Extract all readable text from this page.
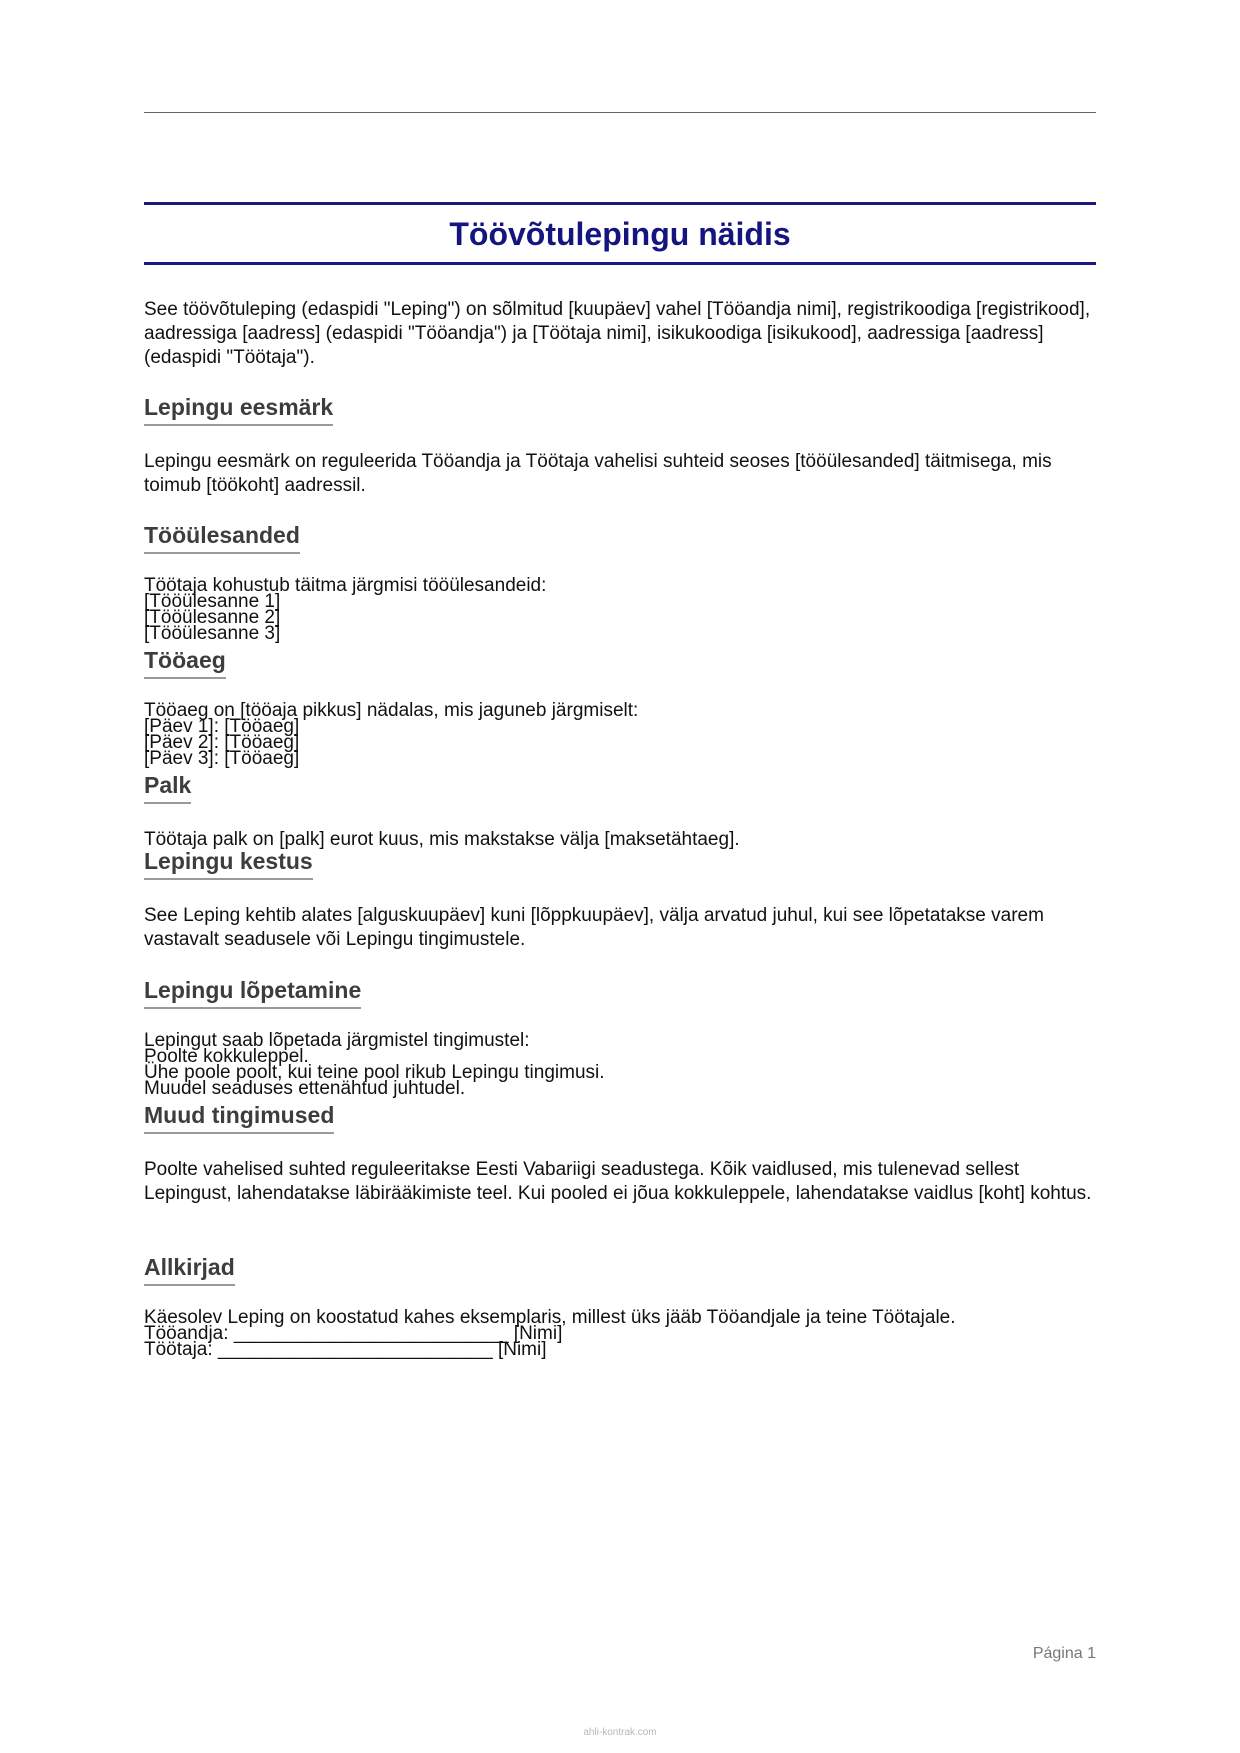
Töövõtulepingu näidis

See töövõtuleping (edaspidi "Leping") on sõlmitud [kuupäev] vahel [Tööandja nimi], registrikoodiga [registrikood], aadressiga [aadress] (edaspidi "Tööandja") ja [Töötaja nimi], isikukoodiga [isikukood], aadressiga [aadress] (edaspidi "Töötaja").

Lepingu eesmärk

Lepingu eesmärk on reguleerida Tööandja ja Töötaja vahelisi suhteid seoses [tööülesanded] täitmisega, mis toimub [töökoht] aadressil.

Tööülesanded
Töötaja kohustub täitma järgmisi tööülesandeid:
[Tööülesanne 1]
[Tööülesanne 2]
[Tööülesanne 3]
Tööaeg
Tööaeg on [tööaja pikkus] nädalas, mis jaguneb järgmiselt:
[Päev 1]: [Tööaeg]
[Päev 2]: [Tööaeg]
[Päev 3]: [Tööaeg]
Palk

Töötaja palk on [palk] eurot kuus, mis makstakse välja [maksetähtaeg].

Lepingu kestus

See Leping kehtib alates [alguskuupäev] kuni [lõppkuupäev], välja arvatud juhul, kui see lõpetatakse varem vastavalt seadusele või Lepingu tingimustele.

Lepingu lõpetamine
Lepingut saab lõpetada järgmistel tingimustel:
Poolte kokkuleppel.
Ühe poole poolt, kui teine pool rikub Lepingu tingimusi.
Muudel seaduses ettenähtud juhtudel.
Muud tingimused

Poolte vahelised suhted reguleeritakse Eesti Vabariigi seadustega. Kõik vaidlused, mis tulenevad sellest Lepingust, lahendatakse läbirääkimiste teel. Kui pooled ei jõua kokkuleppele, lahendatakse vaidlus [koht] kohtus.

Allkirjad
Käesolev Leping on koostatud kahes eksemplaris, millest üks jääb Tööandjale ja teine Töötajale.
Tööandja: __________________________ [Nimi]
Töötaja: __________________________ [Nimi]
Página 1
ahli-kontrak.com
